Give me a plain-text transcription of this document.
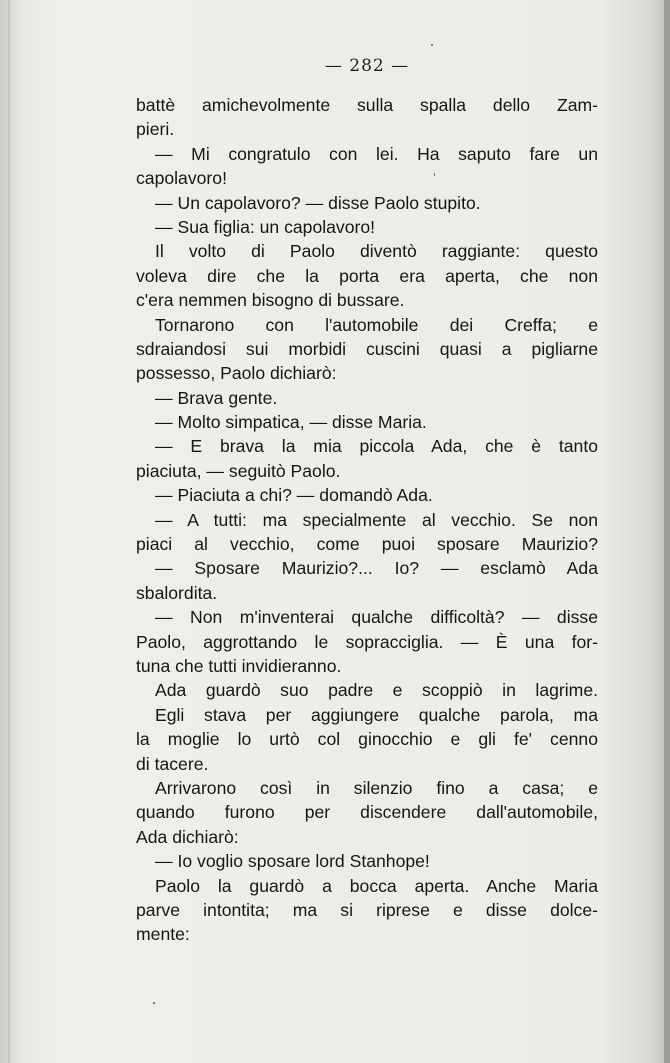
— 282 —
battè amichevolmente sulla spalla dello Zam-
pieri.
— Mi congratulo con lei. Ha saputo fare un
capolavoro!
— Un capolavoro? — disse Paolo stupito.
— Sua figlia: un capolavoro!
Il volto di Paolo diventò raggiante: questo
voleva dire che la porta era aperta, che non
c'era nemmen bisogno di bussare.
Tornarono con l'automobile dei Creffa; e
sdraiandosi sui morbidi cuscini quasi a pigliarne
possesso, Paolo dichiarò:
— Brava gente.
— Molto simpatica, — disse Maria.
— E brava la mia piccola Ada, che è tanto
piaciuta, — seguitò Paolo.
— Piaciuta a chi? — domandò Ada.
— A tutti: ma specialmente al vecchio. Se non
piaci al vecchio, come puoi sposare Maurizio?
— Sposare Maurizio?... Io? — esclamò Ada
sbalordita.
— Non m'inventerai qualche difficoltà? — disse
Paolo, aggrottando le sopracciglia. — È una for-
tuna che tutti invidieranno.
Ada guardò suo padre e scoppiò in lagrime.
Egli stava per aggiungere qualche parola, ma
la moglie lo urtò col ginocchio e gli fe' cenno
di tacere.
Arrivarono così in silenzio fino a casa; e
quando furono per discendere dall'automobile,
Ada dichiarò:
— Io voglio sposare lord Stanhope!
Paolo la guardò a bocca aperta. Anche Maria
parve intontita; ma si riprese e disse dolce-
mente:
